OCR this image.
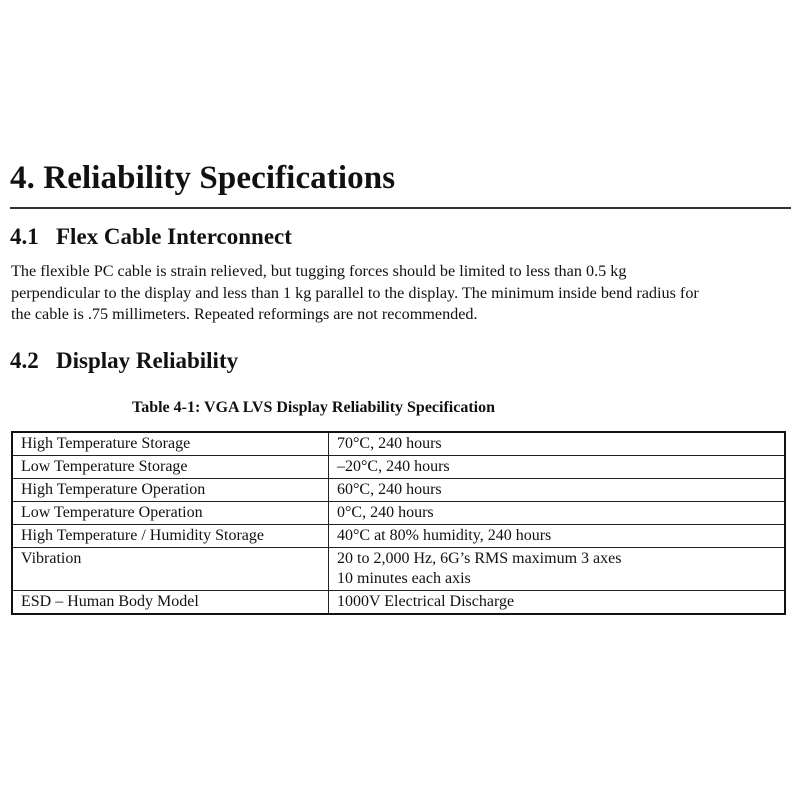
4. Reliability Specifications
4.1 Flex Cable Interconnect

The flexible PC cable is strain relieved, but tugging forces should be limited to less than 0.5 kg
perpendicular to the display and less than 1 kg parallel to the display. The minimum inside bend radius for
the cable is .75 millimeters. Repeated reformings are not recommended.

4.2 Display Reliability

Table 4-1: VGA LVS Display Reliability Specification

High Temperature Storage	70°C, 240 hours

Low Temperature Storage	–20°C, 240 hours

High Temperature Operation	60°C, 240 hours

Low Temperature Operation	0°C, 240 hours

High Temperature / Humidity Storage	40°C at 80% humidity, 240 hours

Vibration	20 to 2,000 Hz, 6G’s RMS maximum 3 axes
10 minutes each axis

ESD – Human Body Model	1000V Electrical Discharge
